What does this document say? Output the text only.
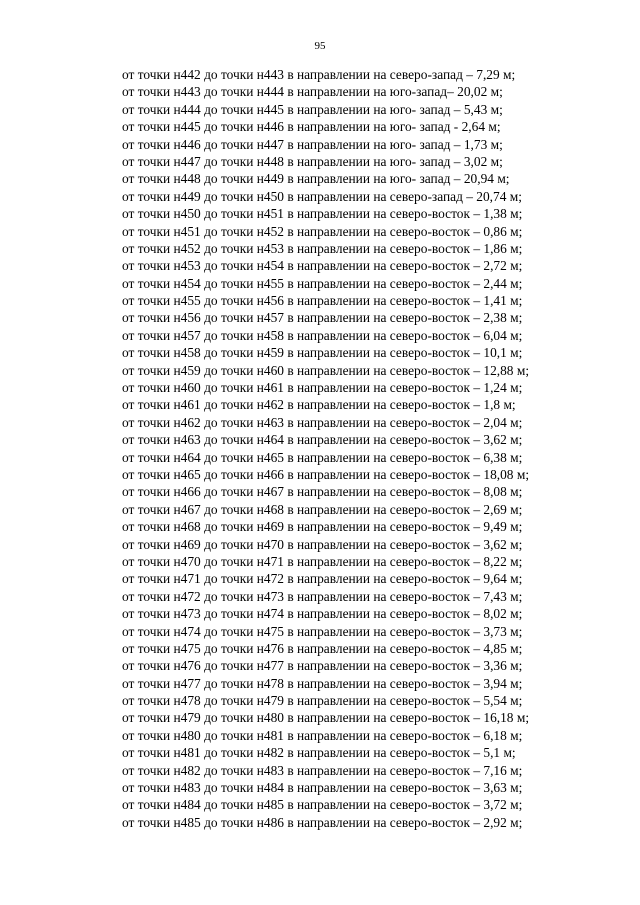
95
от точки н442 до точки н443 в направлении на северо-запад – 7,29 м;
от точки н443 до точки н444 в направлении на юго-запад– 20,02 м;
от точки н444 до точки н445 в направлении на юго- запад – 5,43 м;
от точки н445 до точки н446 в направлении на юго- запад - 2,64 м;
от точки н446 до точки н447 в направлении на юго- запад – 1,73 м;
от точки н447 до точки н448 в направлении на юго- запад – 3,02 м;
от точки н448 до точки н449 в направлении на юго- запад – 20,94 м;
от точки н449 до точки н450 в направлении на северо-запад – 20,74 м;
от точки н450 до точки н451 в направлении на северо-восток – 1,38 м;
от точки н451 до точки н452 в направлении на северо-восток – 0,86 м;
от точки н452 до точки н453 в направлении на северо-восток – 1,86 м;
от точки н453 до точки н454 в направлении на северо-восток – 2,72 м;
от точки н454 до точки н455 в направлении на северо-восток – 2,44 м;
от точки н455 до точки н456 в направлении на северо-восток – 1,41 м;
от точки н456 до точки н457 в направлении на северо-восток – 2,38 м;
от точки н457 до точки н458 в направлении на северо-восток – 6,04 м;
от точки н458 до точки н459 в направлении на северо-восток – 10,1 м;
от точки н459 до точки н460 в направлении на северо-восток – 12,88 м;
от точки н460 до точки н461 в направлении на северо-восток – 1,24 м;
от точки н461 до точки н462 в направлении на северо-восток – 1,8 м;
от точки н462 до точки н463 в направлении на северо-восток – 2,04 м;
от точки н463 до точки н464 в направлении на северо-восток – 3,62 м;
от точки н464 до точки н465 в направлении на северо-восток – 6,38 м;
от точки н465 до точки н466 в направлении на северо-восток – 18,08 м;
от точки н466 до точки н467 в направлении на северо-восток – 8,08 м;
от точки н467 до точки н468 в направлении на северо-восток – 2,69 м;
от точки н468 до точки н469 в направлении на северо-восток – 9,49 м;
от точки н469 до точки н470 в направлении на северо-восток – 3,62 м;
от точки н470 до точки н471 в направлении на северо-восток – 8,22 м;
от точки н471 до точки н472 в направлении на северо-восток – 9,64 м;
от точки н472 до точки н473 в направлении на северо-восток – 7,43 м;
от точки н473 до точки н474 в направлении на северо-восток – 8,02 м;
от точки н474 до точки н475 в направлении на северо-восток – 3,73 м;
от точки н475 до точки н476 в направлении на северо-восток – 4,85 м;
от точки н476 до точки н477 в направлении на северо-восток – 3,36 м;
от точки н477 до точки н478 в направлении на северо-восток – 3,94 м;
от точки н478 до точки н479 в направлении на северо-восток – 5,54 м;
от точки н479 до точки н480 в направлении на северо-восток – 16,18 м;
от точки н480 до точки н481 в направлении на северо-восток – 6,18 м;
от точки н481 до точки н482 в направлении на северо-восток – 5,1 м;
от точки н482 до точки н483 в направлении на северо-восток – 7,16 м;
от точки н483 до точки н484 в направлении на северо-восток – 3,63 м;
от точки н484 до точки н485 в направлении на северо-восток – 3,72 м;
от точки н485 до точки н486 в направлении на северо-восток – 2,92 м;
